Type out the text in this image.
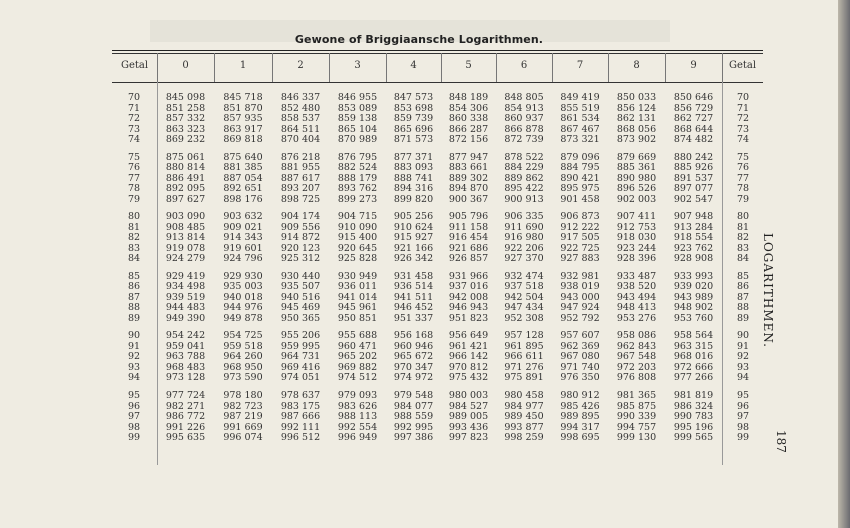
Gewone of Briggiaansche Logarithmen.
Getal	0	1	2	3	4	5	6	7	8	9	Getal
70	845 098	845 718	846 337	846 955	847 573	848 189	848 805	849 419	850 033	850 646	70
71	851 258	851 870	852 480	853 089	853 698	854 306	854 913	855 519	856 124	856 729	71
72	857 332	857 935	858 537	859 138	859 739	860 338	860 937	861 534	862 131	862 727	72
73	863 323	863 917	864 511	865 104	865 696	866 287	866 878	867 467	868 056	868 644	73
74	869 232	869 818	870 404	870 989	871 573	872 156	872 739	873 321	873 902	874 482	74
75	875 061	875 640	876 218	876 795	877 371	877 947	878 522	879 096	879 669	880 242	75
76	880 814	881 385	881 955	882 524	883 093	883 661	884 229	884 795	885 361	885 926	76
77	886 491	887 054	887 617	888 179	888 741	889 302	889 862	890 421	890 980	891 537	77
78	892 095	892 651	893 207	893 762	894 316	894 870	895 422	895 975	896 526	897 077	78
79	897 627	898 176	898 725	899 273	899 820	900 367	900 913	901 458	902 003	902 547	79
80	903 090	903 632	904 174	904 715	905 256	905 796	906 335	906 873	907 411	907 948	80
81	908 485	909 021	909 556	910 090	910 624	911 158	911 690	912 222	912 753	913 284	81
82	913 814	914 343	914 872	915 400	915 927	916 454	916 980	917 505	918 030	918 554	82
83	919 078	919 601	920 123	920 645	921 166	921 686	922 206	922 725	923 244	923 762	83
84	924 279	924 796	925 312	925 828	926 342	926 857	927 370	927 883	928 396	928 908	84
85	929 419	929 930	930 440	930 949	931 458	931 966	932 474	932 981	933 487	933 993	85
86	934 498	935 003	935 507	936 011	936 514	937 016	937 518	938 019	938 520	939 020	86
87	939 519	940 018	940 516	941 014	941 511	942 008	942 504	943 000	943 494	943 989	87
88	944 483	944 976	945 469	945 961	946 452	946 943	947 434	947 924	948 413	948 902	88
89	949 390	949 878	950 365	950 851	951 337	951 823	952 308	952 792	953 276	953 760	89
90	954 242	954 725	955 206	955 688	956 168	956 649	957 128	957 607	958 086	958 564	90
91	959 041	959 518	959 995	960 471	960 946	961 421	961 895	962 369	962 843	963 315	91
92	963 788	964 260	964 731	965 202	965 672	966 142	966 611	967 080	967 548	968 016	92
93	968 483	968 950	969 416	969 882	970 347	970 812	971 276	971 740	972 203	972 666	93
94	973 128	973 590	974 051	974 512	974 972	975 432	975 891	976 350	976 808	977 266	94
95	977 724	978 180	978 637	979 093	979 548	980 003	980 458	980 912	981 365	981 819	95
96	982 271	982 723	983 175	983 626	984 077	984 527	984 977	985 426	985 875	986 324	96
97	986 772	987 219	987 666	988 113	988 559	989 005	989 450	989 895	990 339	990 783	97
98	991 226	991 669	992 111	992 554	992 995	993 436	993 877	994 317	994 757	995 196	98
99	995 635	996 074	996 512	996 949	997 386	997 823	998 259	998 695	999 130	999 565	99
LOGARITHMEN.
187
